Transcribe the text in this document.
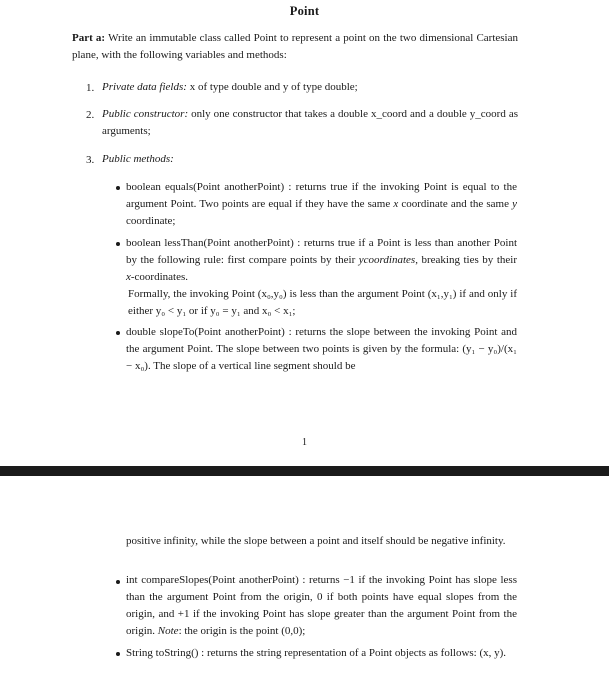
Point
Part a: Write an immutable class called Point to represent a point on the two dimensional Cartesian plane, with the following variables and methods:
1. Private data fields: x of type double and y of type double;
2. Public constructor: only one constructor that takes a double x_coord and a double y_coord as arguments;
3. Public methods:
boolean equals(Point anotherPoint) : returns true if the invoking Point is equal to the argument Point. Two points are equal if they have the same x coordinate and the same y coordinate;
boolean lessThan(Point anotherPoint) : returns true if a Point is less than another Point by the following rule: first compare points by their ycoordinates, breaking ties by their x-coordinates.
Formally, the invoking Point (x₀,y₀) is less than the argument Point (x₁,y₁) if and only if either y₀ < y₁ or if y₀ = y₁ and x₀ < x₁;
double slopeTo(Point anotherPoint) : returns the slope between the invoking Point and the argument Point. The slope between two points is given by the formula: (y₁ − y₀)/(x₁ − x₀). The slope of a vertical line segment should be
1
positive infinity, while the slope between a point and itself should be negative infinity.
int compareSlopes(Point anotherPoint) : returns −1 if the invoking Point has slope less than the argument Point from the origin, 0 if both points have equal slopes from the origin, and +1 if the invoking Point has slope greater than the argument Point from the origin. Note: the origin is the point (0,0);
String toString() : returns the string representation of a Point objects as follows: (x, y).
